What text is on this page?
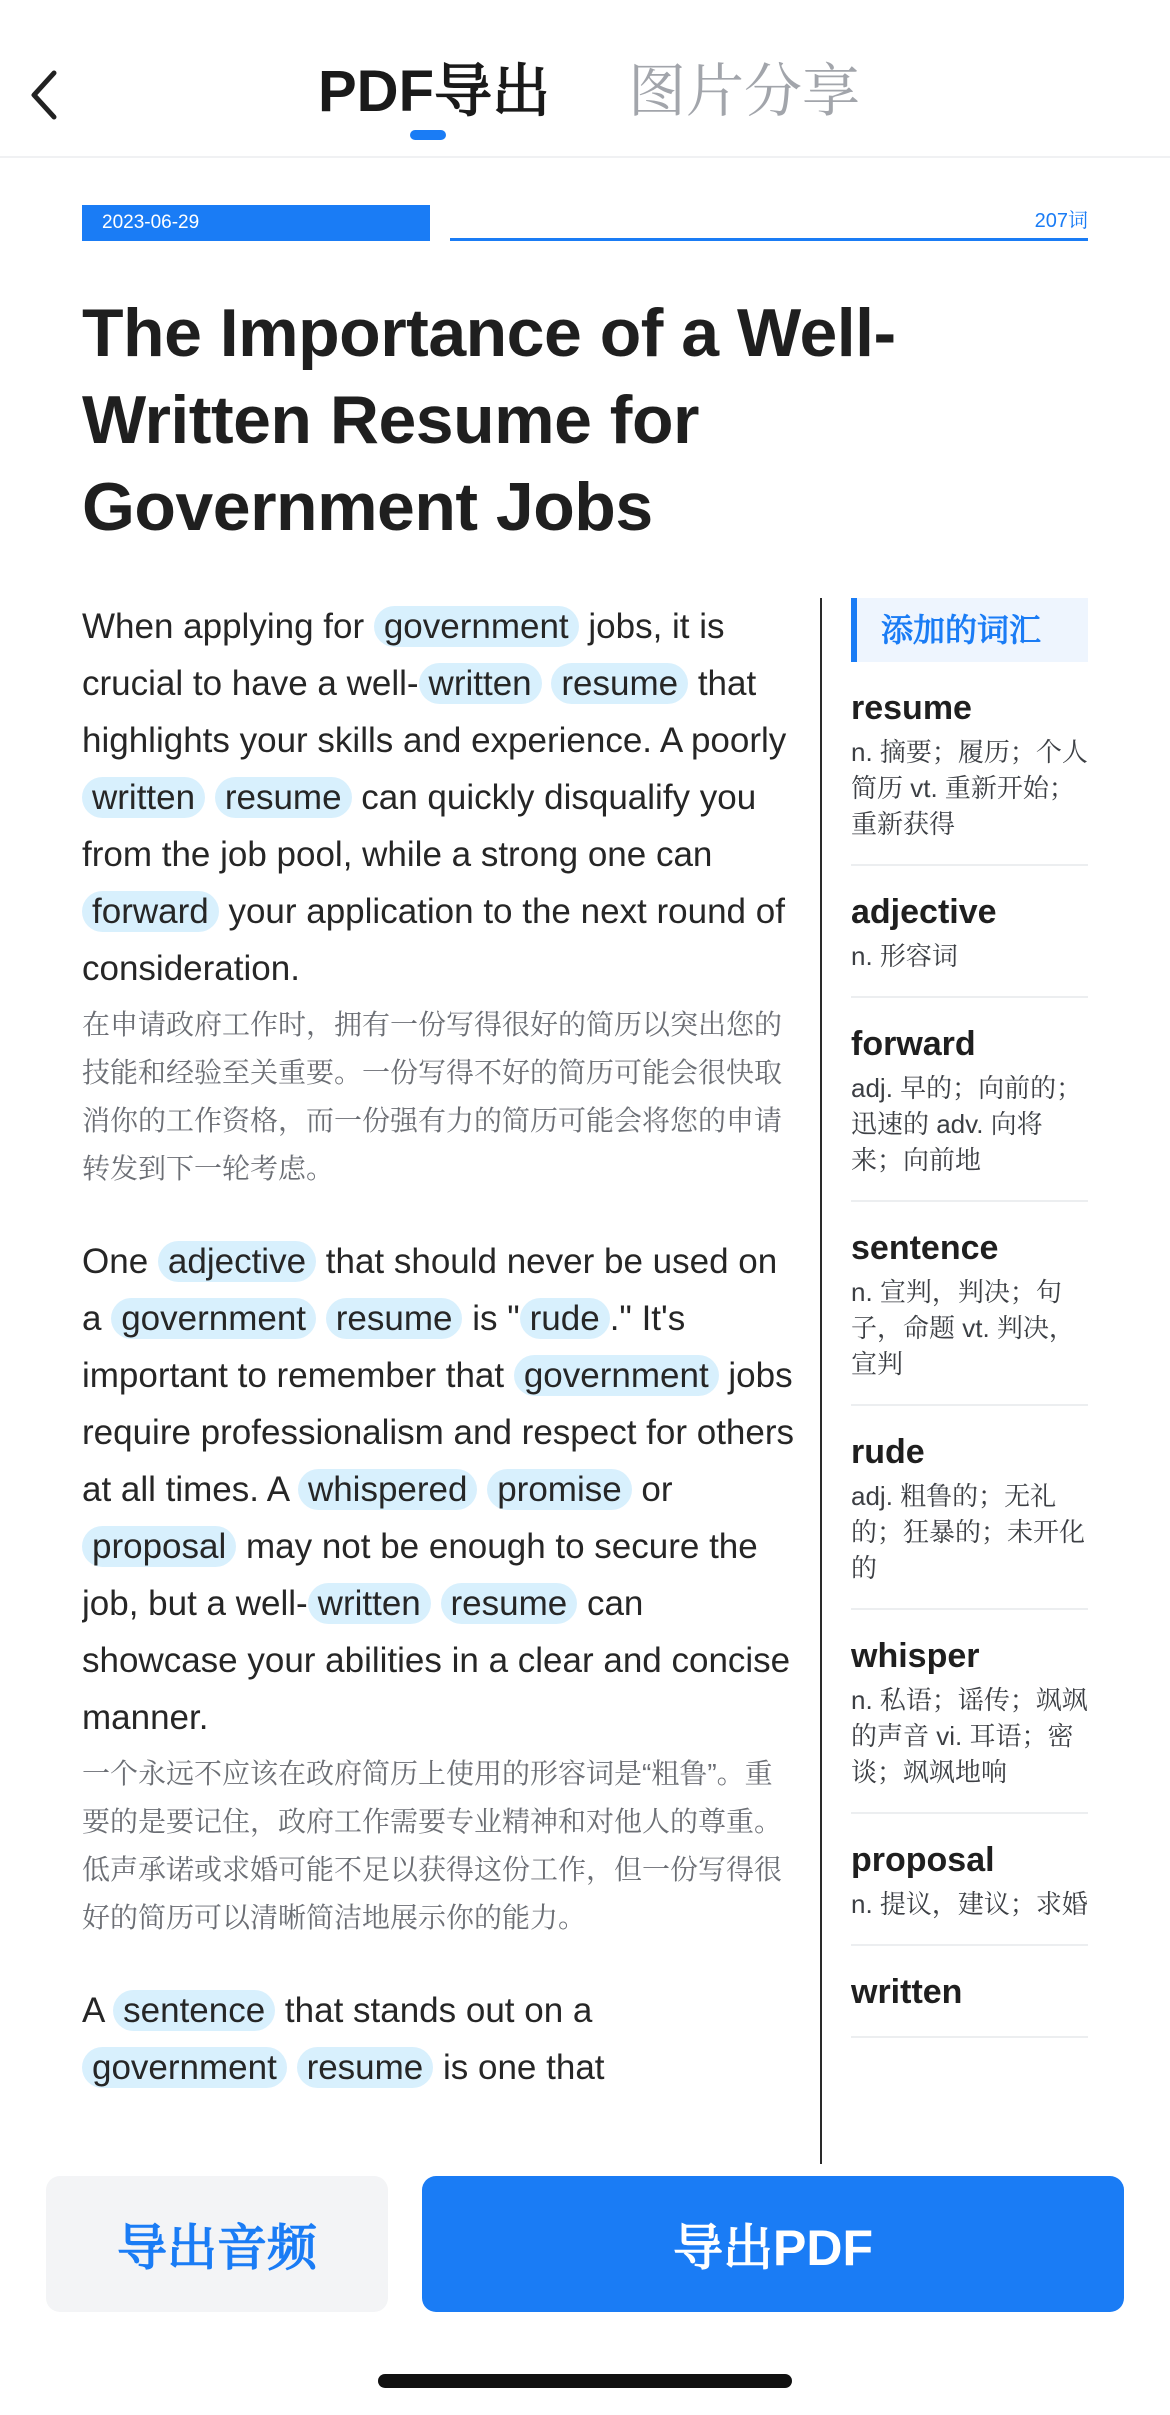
PDF导出 图片分享
2023-06-29	207词
The Importance of a Well-Written Resume for Government Jobs
When applying for government jobs, it is crucial to have a well- written resume that highlights your skills and experience. A poorly written resume can quickly disqualify you from the job pool, while a strong one can forward your application to the next round of consideration.
在申请政府工作时，拥有一份写得很好的简历以突出您的技能和经验至关重要。一份写得不好的简历可能会很快取消你的工作资格，而一份强有力的简历可能会将您的申请转发到下一轮考虑。
One adjective that should never be used on a government resume is " rude ." It's important to remember that government jobs require professionalism and respect for others at all times. A whispered promise or proposal may not be enough to secure the job, but a well- written resume can showcase your abilities in a clear and concise manner.
一个永远不应该在政府简历上使用的形容词是“粗鲁”。重要的是要记住，政府工作需要专业精神和对他人的尊重。低声承诺或求婚可能不足以获得这份工作，但一份写得很好的简历可以清晰简洁地展示你的能力。
A sentence that stands out on a government resume is one that
添加的词汇
resume
n. 摘要；履历；个人简历 vt. 重新开始；重新获得
adjective
n. 形容词
forward
adj. 早的；向前的；迅速的 adv. 向将来；向前地
sentence
n. 宣判，判决；句子，命题 vt. 判决，宣判
rude
adj. 粗鲁的；无礼的；狂暴的；未开化的
whisper
n. 私语；谣传；飒飒的声音 vi. 耳语；密谈；飒飒地响
proposal
n. 提议，建议；求婚
written
导出音频	导出PDF
